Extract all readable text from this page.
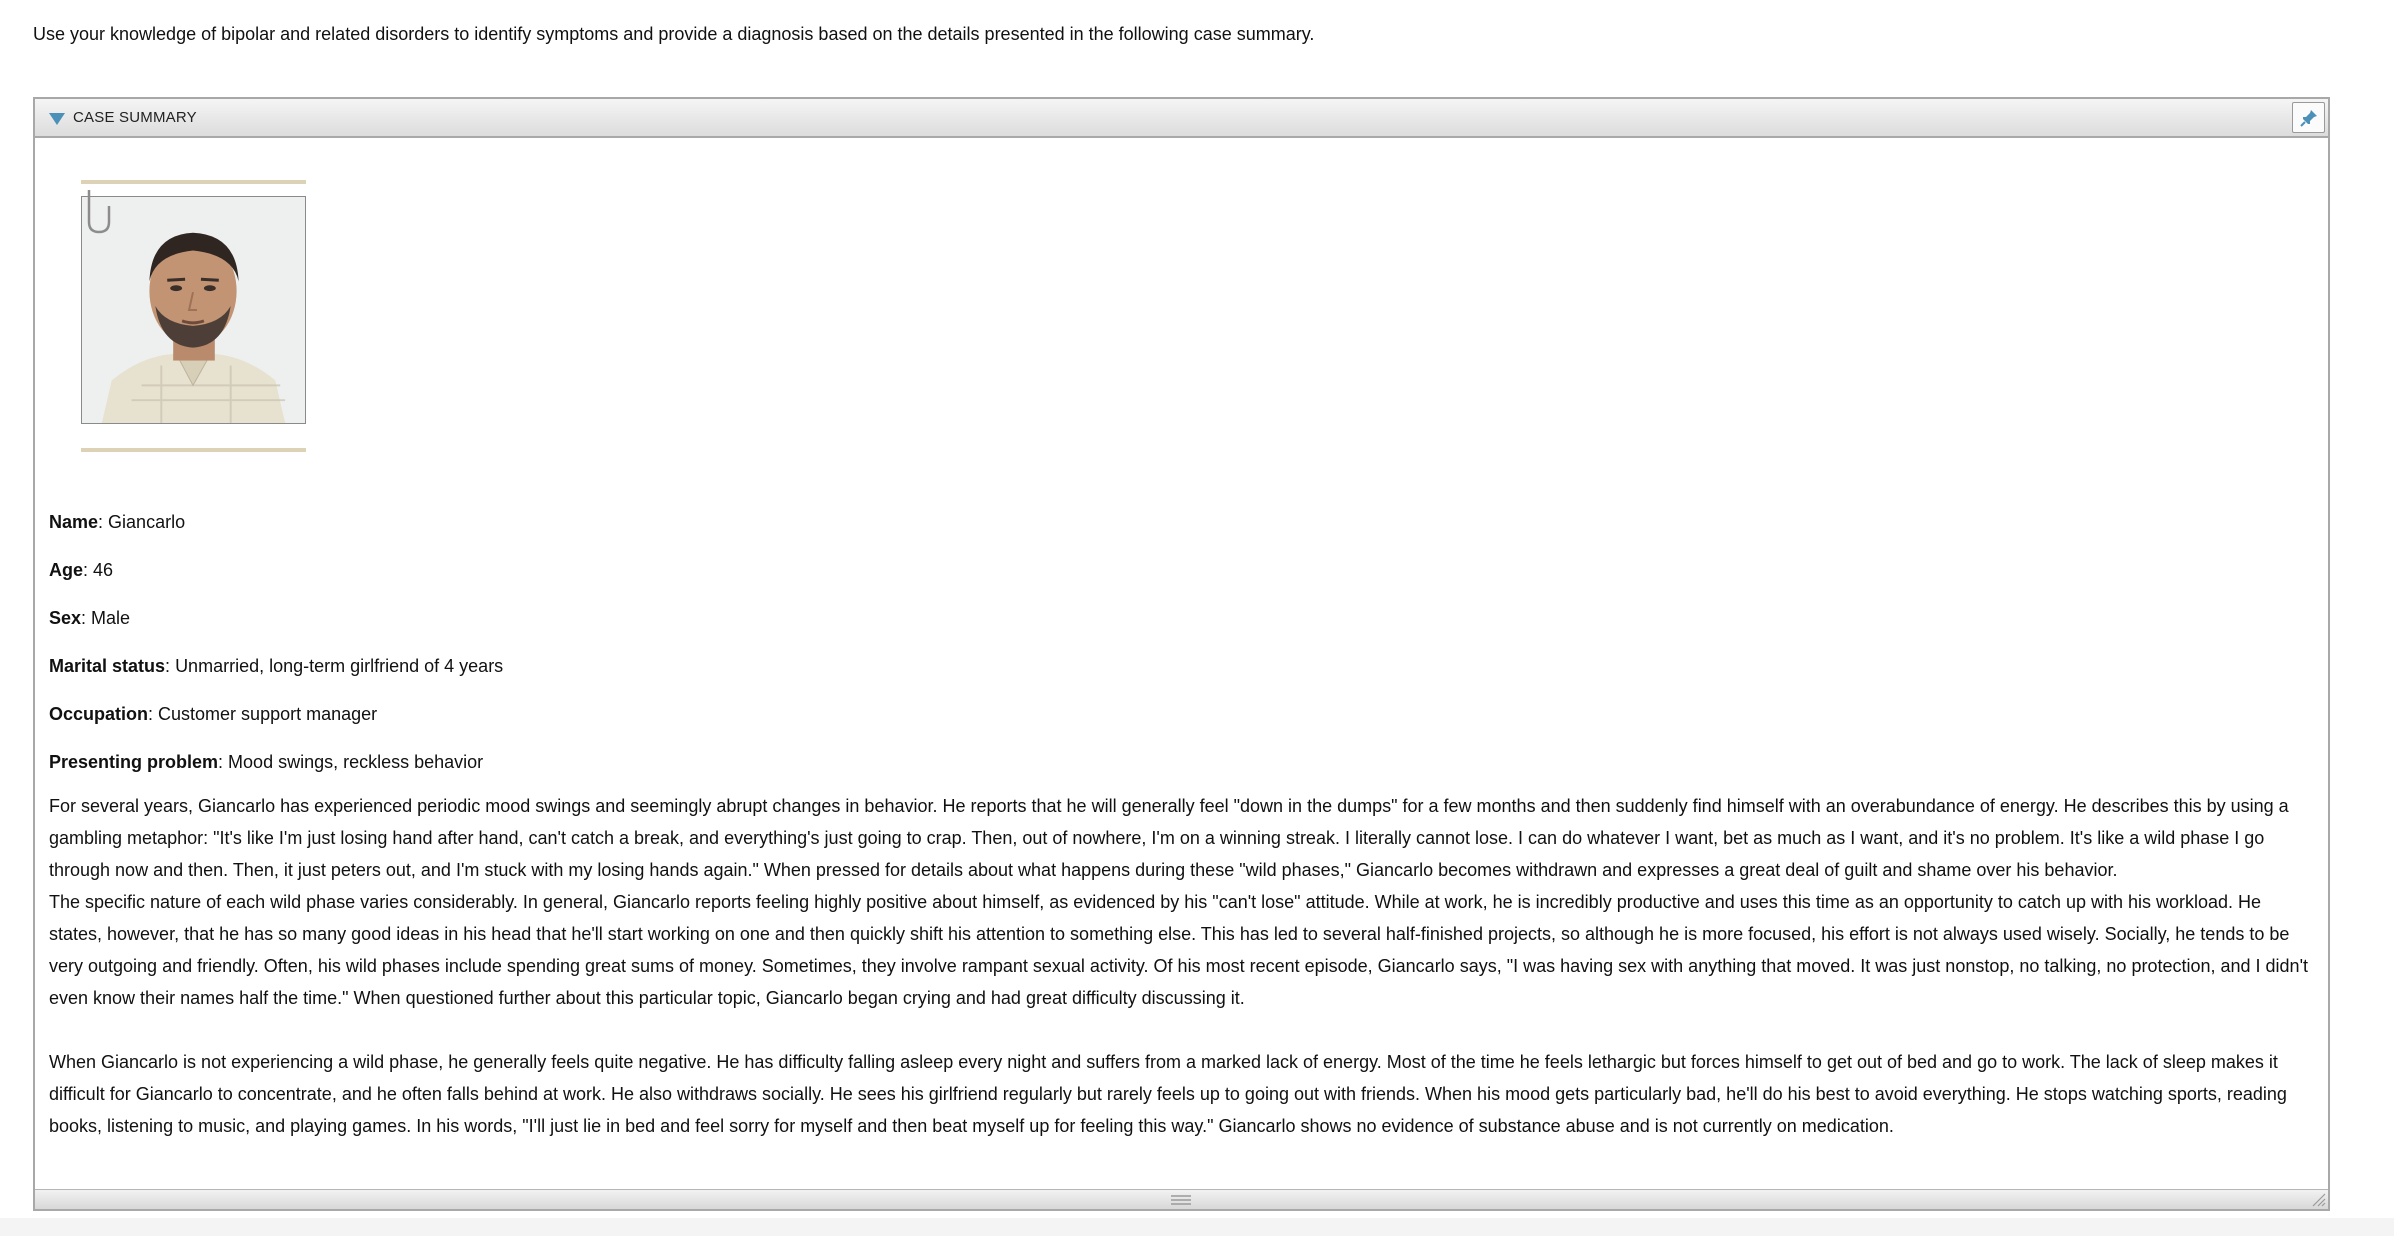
Use your knowledge of bipolar and related disorders to identify symptoms and provide a diagnosis based on the details presented in the following case summary.
CASE SUMMARY
Name: Giancarlo
Age: 46
Sex: Male
Marital status: Unmarried, long-term girlfriend of 4 years
Occupation: Customer support manager
Presenting problem: Mood swings, reckless behavior

For several years, Giancarlo has experienced periodic mood swings and seemingly abrupt changes in behavior. He reports that he will generally feel "down in the dumps" for a few months and then suddenly find himself with an overabundance of energy. He describes this by using a gambling metaphor: "It's like I'm just losing hand after hand, can't catch a break, and everything's just going to crap. Then, out of nowhere, I'm on a winning streak. I literally cannot lose. I can do whatever I want, bet as much as I want, and it's no problem. It's like a wild phase I go through now and then. Then, it just peters out, and I'm stuck with my losing hands again." When pressed for details about what happens during these "wild phases," Giancarlo becomes withdrawn and expresses a great deal of guilt and shame over his behavior.

The specific nature of each wild phase varies considerably. In general, Giancarlo reports feeling highly positive about himself, as evidenced by his "can't lose" attitude. While at work, he is incredibly productive and uses this time as an opportunity to catch up with his workload. He states, however, that he has so many good ideas in his head that he'll start working on one and then quickly shift his attention to something else. This has led to several half-finished projects, so although he is more focused, his effort is not always used wisely. Socially, he tends to be very outgoing and friendly. Often, his wild phases include spending great sums of money. Sometimes, they involve rampant sexual activity. Of his most recent episode, Giancarlo says, "I was having sex with anything that moved. It was just nonstop, no talking, no protection, and I didn't even know their names half the time." When questioned further about this particular topic, Giancarlo began crying and had great difficulty discussing it.

When Giancarlo is not experiencing a wild phase, he generally feels quite negative. He has difficulty falling asleep every night and suffers from a marked lack of energy. Most of the time he feels lethargic but forces himself to get out of bed and go to work. The lack of sleep makes it difficult for Giancarlo to concentrate, and he often falls behind at work. He also withdraws socially. He sees his girlfriend regularly but rarely feels up to going out with friends. When his mood gets particularly bad, he'll do his best to avoid everything. He stops watching sports, reading books, listening to music, and playing games. In his words, "I'll just lie in bed and feel sorry for myself and then beat myself up for feeling this way." Giancarlo shows no evidence of substance abuse and is not currently on medication.
